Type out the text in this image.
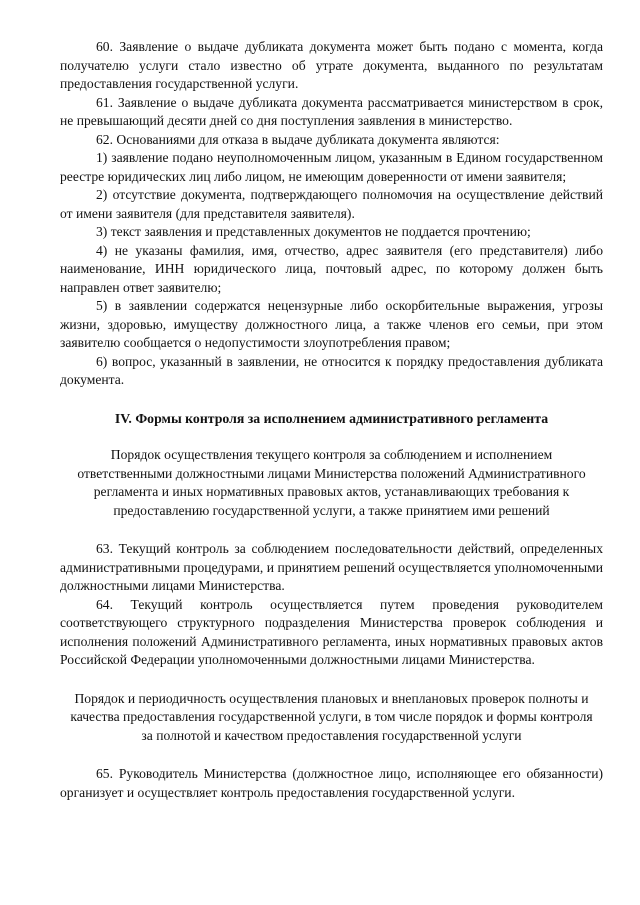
60. Заявление о выдаче дубликата документа может быть подано с момента, когда получателю услуги стало известно об утрате документа, выданного по результатам предоставления государственной услуги.

61. Заявление о выдаче дубликата документа рассматривается министерством в срок, не превышающий десяти дней со дня поступления заявления в министерство.

62. Основаниями для отказа в выдаче дубликата документа являются:

1) заявление подано неуполномоченным лицом, указанным в Едином государственном реестре юридических лиц либо лицом, не имеющим доверенности от имени заявителя;

2) отсутствие документа, подтверждающего полномочия на осуществление действий от имени заявителя (для представителя заявителя).

3) текст заявления и представленных документов не поддается прочтению;

4) не указаны фамилия, имя, отчество, адрес заявителя (его представителя) либо наименование, ИНН юридического лица, почтовый адрес, по которому должен быть направлен ответ заявителю;

5) в заявлении содержатся нецензурные либо оскорбительные выражения, угрозы жизни, здоровью, имуществу должностного лица, а также членов его семьи, при этом заявителю сообщается о недопустимости злоупотребления правом;

6) вопрос, указанный в заявлении, не относится к порядку предоставления дубликата документа.

IV. Формы контроля за исполнением административного регламента

Порядок осуществления текущего контроля за соблюдением и исполнением ответственными должностными лицами Министерства положений Административного регламента и иных нормативных правовых актов, устанавливающих требования к предоставлению государственной услуги, а также принятием ими решений

63. Текущий контроль за соблюдением последовательности действий, определенных административными процедурами, и принятием решений осуществляется уполномоченными должностными лицами Министерства.

64. Текущий контроль осуществляется путем проведения руководителем соответствующего структурного подразделения Министерства проверок соблюдения и исполнения положений Административного регламента, иных нормативных правовых актов Российской Федерации уполномоченными должностными лицами Министерства.

Порядок и периодичность осуществления плановых и внеплановых проверок полноты и качества предоставления государственной услуги, в том числе порядок и формы контроля за полнотой и качеством предоставления государственной услуги

65. Руководитель Министерства (должностное лицо, исполняющее его обязанности) организует и осуществляет контроль предоставления государственной услуги.
